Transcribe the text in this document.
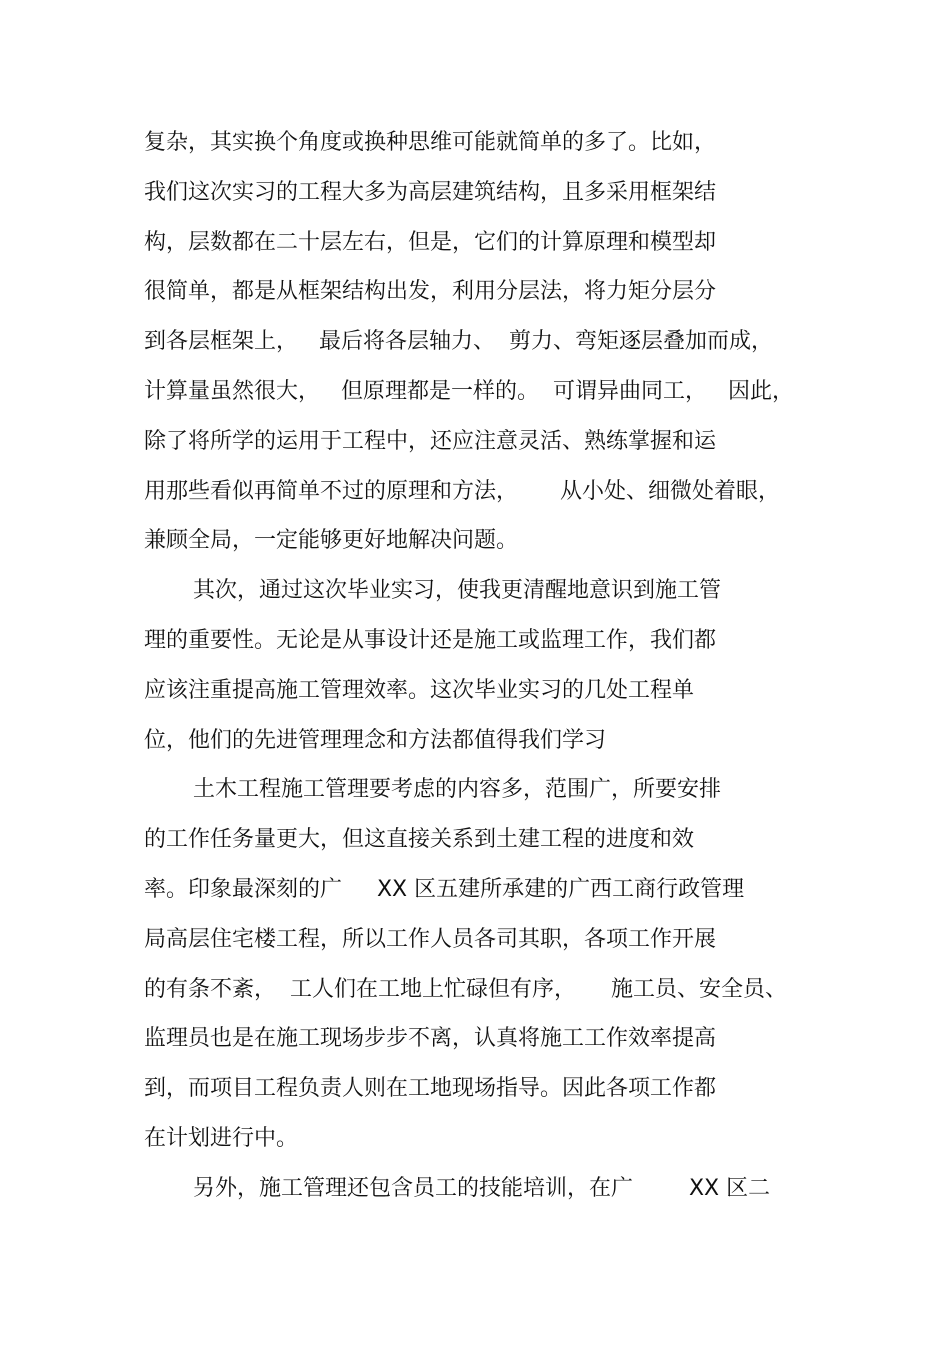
复杂，其实换个角度或换种思维可能就简单的多了。比如，

我们这次实习的工程大多为高层建筑结构，且多采用框架结

构，层数都在二十层左右，但是，它们的计算原理和模型却

很简单，都是从框架结构出发，利用分层法，将力矩分层分

到各层框架上，   最后将各层轴力、  剪力、弯矩逐层叠加而成，

计算量虽然很大，   但原理都是一样的。  可谓异曲同工，   因此，

除了将所学的运用于工程中，还应注意灵活、熟练掌握和运

用那些看似再简单不过的原理和方法，      从小处、细微处着眼，

兼顾全局，一定能够更好地解决问题。

其次，通过这次毕业实习，使我更清醒地意识到施工管

理的重要性。无论是从事设计还是施工或监理工作，我们都

应该注重提高施工管理效率。这次毕业实习的几处工程单

位，他们的先进管理理念和方法都值得我们学习

土木工程施工管理要考虑的内容多，范围广，所要安排

的工作任务量更大，但这直接关系到土建工程的进度和效

率。印象最深刻的广     XX 区五建所承建的广西工商行政管理

局高层住宅楼工程，所以工作人员各司其职，各项工作开展

的有条不紊，  工人们在工地上忙碌但有序，     施工员、安全员、

监理员也是在施工现场步步不离，认真将施工工作效率提高

到，而项目工程负责人则在工地现场指导。因此各项工作都

在计划进行中。

另外，施工管理还包含员工的技能培训，在广        XX 区二
